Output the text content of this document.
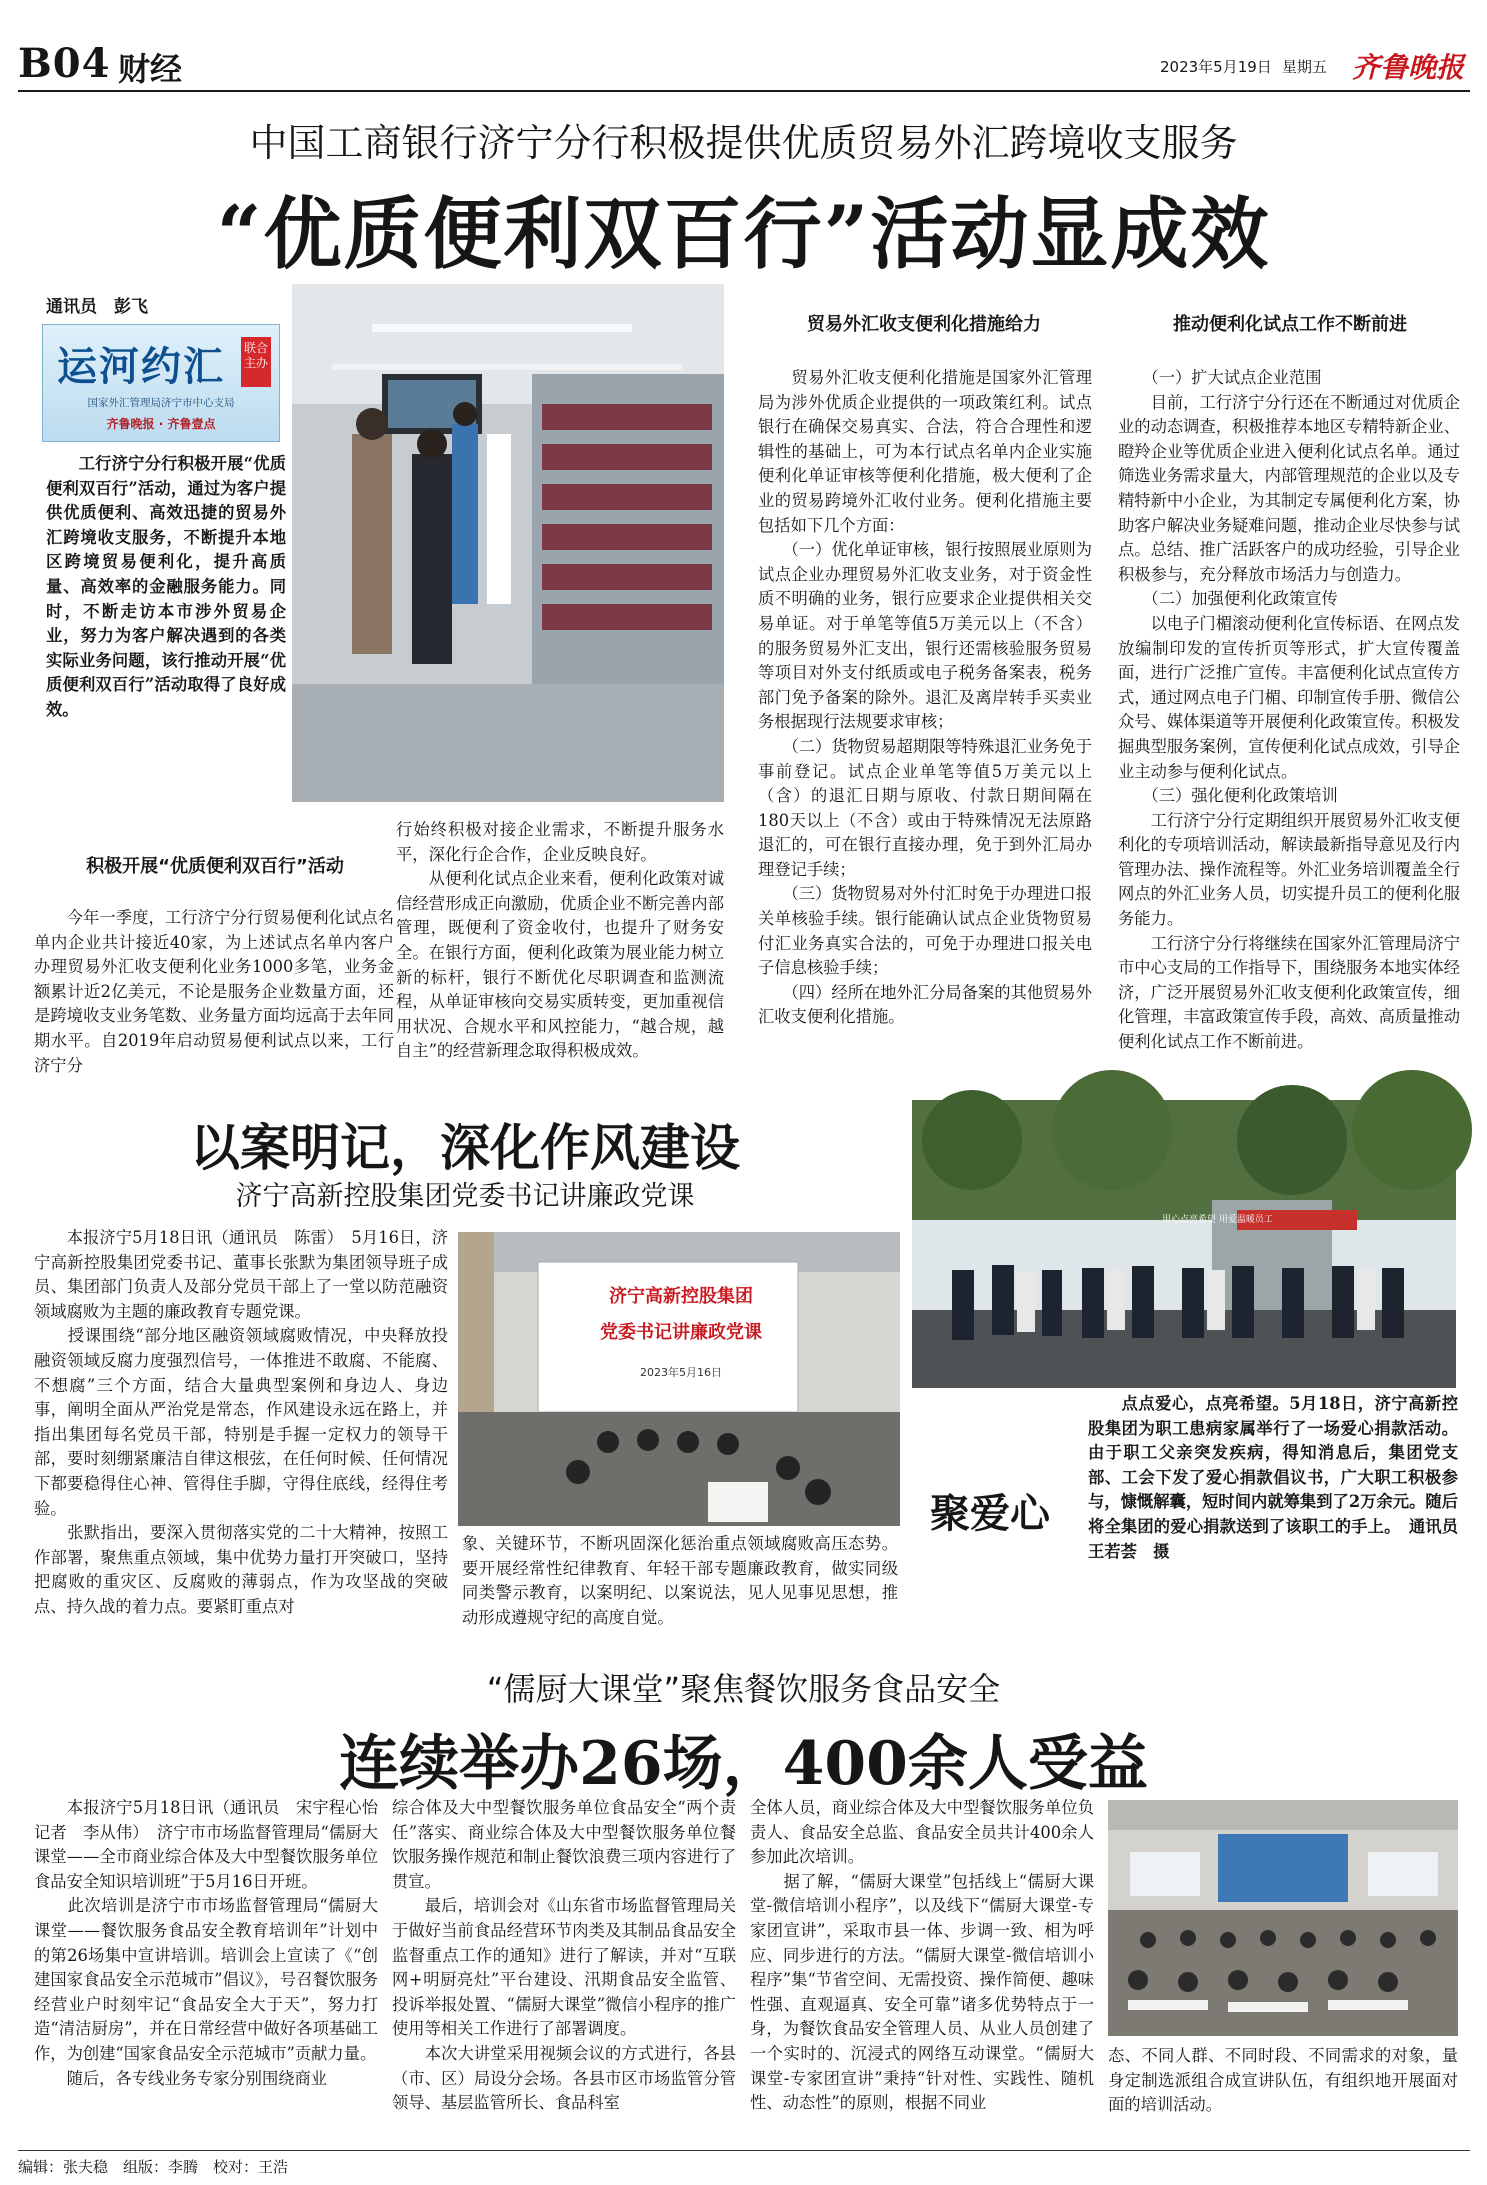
B04 财经	2023年5月19日 星期五 齐鲁晚报
中国工商银行济宁分行积极提供优质贸易外汇跨境收支服务
“优质便利双百行”活动显成效
通讯员　彭飞
运河约汇 联合主办
国家外汇管理局济宁市中心支局
齐鲁晚报 · 齐鲁壹点
工行济宁分行积极开展“优质便利双百行”活动，通过为客户提供优质便利、高效迅捷的贸易外汇跨境收支服务，不断提升本地区跨境贸易便利化，提升高质量、高效率的金融服务能力。同时，不断走访本市涉外贸易企业，努力为客户解决遇到的各类实际业务问题，该行推动开展“优质便利双百行”活动取得了良好成效。
积极开展“优质便利双百行”活动
今年一季度，工行济宁分行贸易便利化试点名单内企业共计接近40家，为上述试点名单内客户办理贸易外汇收支便利化业务1000多笔，业务金额累计近2亿美元，不论是服务企业数量方面，还是跨境收支业务笔数、业务量方面均远高于去年同期水平。自2019年启动贸易便利试点以来，工行济宁分
行始终积极对接企业需求，不断提升服务水平，深化行企合作，企业反映良好。
　　从便利化试点企业来看，便利化政策对诚信经营形成正向激励，优质企业不断完善内部管理，既便利了资金收付，也提升了财务安全。在银行方面，便利化政策为展业能力树立新的标杆，银行不断优化尽职调查和监测流程，从单证审核向交易实质转变，更加重视信用状况、合规水平和风控能力，“越合规，越自主”的经营新理念取得积极成效。
贸易外汇收支便利化措施给力
　　贸易外汇收支便利化措施是国家外汇管理局为涉外优质企业提供的一项政策红利。试点银行在确保交易真实、合法，符合合理性和逻辑性的基础上，可为本行试点名单内企业实施便利化单证审核等便利化措施，极大便利了企业的贸易跨境外汇收付业务。便利化措施主要包括如下几个方面：
　　（一）优化单证审核，银行按照展业原则为试点企业办理贸易外汇收支业务，对于资金性质不明确的业务，银行应要求企业提供相关交易单证。对于单笔等值5万美元以上（不含）的服务贸易外汇支出，银行还需核验服务贸易等项目对外支付纸质或电子税务备案表，税务部门免予备案的除外。退汇及离岸转手买卖业务根据现行法规要求审核；
　　（二）货物贸易超期限等特殊退汇业务免于事前登记。试点企业单笔等值5万美元以上（含）的退汇日期与原收、付款日期间隔在180天以上（不含）或由于特殊情况无法原路退汇的，可在银行直接办理，免于到外汇局办理登记手续；
　　（三）货物贸易对外付汇时免于办理进口报关单核验手续。银行能确认试点企业货物贸易付汇业务真实合法的，可免于办理进口报关电子信息核验手续；
　　（四）经所在地外汇分局备案的其他贸易外汇收支便利化措施。
推动便利化试点工作不断前进
　　（一）扩大试点企业范围
　　目前，工行济宁分行还在不断通过对优质企业的动态调查，积极推荐本地区专精特新企业、瞪羚企业等优质企业进入便利化试点名单。通过筛选业务需求量大，内部管理规范的企业以及专精特新中小企业，为其制定专属便利化方案，协助客户解决业务疑难问题，推动企业尽快参与试点。总结、推广活跃客户的成功经验，引导企业积极参与，充分释放市场活力与创造力。
　　（二）加强便利化政策宣传
　　以电子门楣滚动便利化宣传标语、在网点发放编制印发的宣传折页等形式，扩大宣传覆盖面，进行广泛推广宣传。丰富便利化试点宣传方式，通过网点电子门楣、印制宣传手册、微信公众号、媒体渠道等开展便利化政策宣传。积极发掘典型服务案例，宣传便利化试点成效，引导企业主动参与便利化试点。
　　（三）强化便利化政策培训
　　工行济宁分行定期组织开展贸易外汇收支便利化的专项培训活动，解读最新指导意见及行内管理办法、操作流程等。外汇业务培训覆盖全行网点的外汇业务人员，切实提升员工的便利化服务能力。
　　工行济宁分行将继续在国家外汇管理局济宁市中心支局的工作指导下，围绕服务本地实体经济，广泛开展贸易外汇收支便利化政策宣传，细化管理，丰富政策宣传手段，高效、高质量推动便利化试点工作不断前进。
以案明记，深化作风建设
济宁高新控股集团党委书记讲廉政党课
　　本报济宁5月18日讯（通讯员　陈雷）　5月16日，济宁高新控股集团党委书记、董事长张默为集团领导班子成员、集团部门负责人及部分党员干部上了一堂以防范融资领域腐败为主题的廉政教育专题党课。
　　授课围绕“部分地区融资领域腐败情况，中央释放投融资领域反腐力度强烈信号，一体推进不敢腐、不能腐、不想腐”三个方面，结合大量典型案例和身边人、身边事，阐明全面从严治党是常态，作风建设永远在路上，并指出集团每名党员干部，特别是手握一定权力的领导干部，要时刻绷紧廉洁自律这根弦，在任何时候、任何情况下都要稳得住心神、管得住手脚，守得住底线，经得住考验。
　　张默指出，要深入贯彻落实党的二十大精神，按照工作部署，聚焦重点领域，集中优势力量打开突破口，坚持把腐败的重灾区、反腐败的薄弱点，作为攻坚战的突破点、持久战的着力点。要紧盯重点对
济宁高新控股集团
党委书记讲廉政党课
2023年5月16日
象、关键环节，不断巩固深化惩治重点领域腐败高压态势。要开展经常性纪律教育、年轻干部专题廉政教育，做实同级同类警示教育，以案明纪、以案说法，见人见事见思想，推动形成遵规守纪的高度自觉。
用心点亮希望 用爱温暖员工
聚爱心
　　点点爱心，点亮希望。5月18日，济宁高新控股集团为职工患病家属举行了一场爱心捐款活动。由于职工父亲突发疾病，得知消息后，集团党支部、工会下发了爱心捐款倡议书，广大职工积极参与，慷慨解囊，短时间内就筹集到了2万余元。随后将全集团的爱心捐款送到了该职工的手上。　通讯员　王若荟　摄
“儒厨大课堂”聚焦餐饮服务食品安全
连续举办26场，400余人受益
　　本报济宁5月18日讯（通讯员　宋宇程心怡　记者　李从伟）　济宁市市场监督管理局“儒厨大课堂——全市商业综合体及大中型餐饮服务单位食品安全知识培训班”于5月16日开班。
　　此次培训是济宁市市场监督管理局“儒厨大课堂——餐饮服务食品安全教育培训年”计划中的第26场集中宣讲培训。培训会上宣读了《“创建国家食品安全示范城市”倡议》，号召餐饮服务经营业户时刻牢记“食品安全大于天”，努力打造“清洁厨房”，并在日常经营中做好各项基础工作，为创建“国家食品安全示范城市”贡献力量。
　　随后，各专线业务专家分别围绕商业
综合体及大中型餐饮服务单位食品安全“两个责任”落实、商业综合体及大中型餐饮服务单位餐饮服务操作规范和制止餐饮浪费三项内容进行了贯宣。
　　最后，培训会对《山东省市场监督管理局关于做好当前食品经营环节肉类及其制品食品安全监督重点工作的通知》进行了解读，并对“互联网+明厨亮灶”平台建设、汛期食品安全监管、投诉举报处置、“儒厨大课堂”微信小程序的推广使用等相关工作进行了部署调度。
　　本次大讲堂采用视频会议的方式进行，各县（市、区）局设分会场。各县市区市场监管分管领导、基层监管所长、食品科室
全体人员，商业综合体及大中型餐饮服务单位负责人、食品安全总监、食品安全员共计400余人参加此次培训。
　　据了解，“儒厨大课堂”包括线上“儒厨大课堂-微信培训小程序”，以及线下“儒厨大课堂-专家团宣讲”，采取市县一体、步调一致、相为呼应、同步进行的方法。“儒厨大课堂-微信培训小程序”集“节省空间、无需投资、操作简便、趣味性强、直观逼真、安全可靠”诸多优势特点于一身，为餐饮食品安全管理人员、从业人员创建了一个实时的、沉浸式的网络互动课堂。“儒厨大课堂-专家团宣讲”秉持“针对性、实践性、随机性、动态性”的原则，根据不同业
态、不同人群、不同时段、不同需求的对象，量身定制选派组合成宣讲队伍，有组织地开展面对面的培训活动。
编辑：张夫稳　组版：李腾　校对：王浩
